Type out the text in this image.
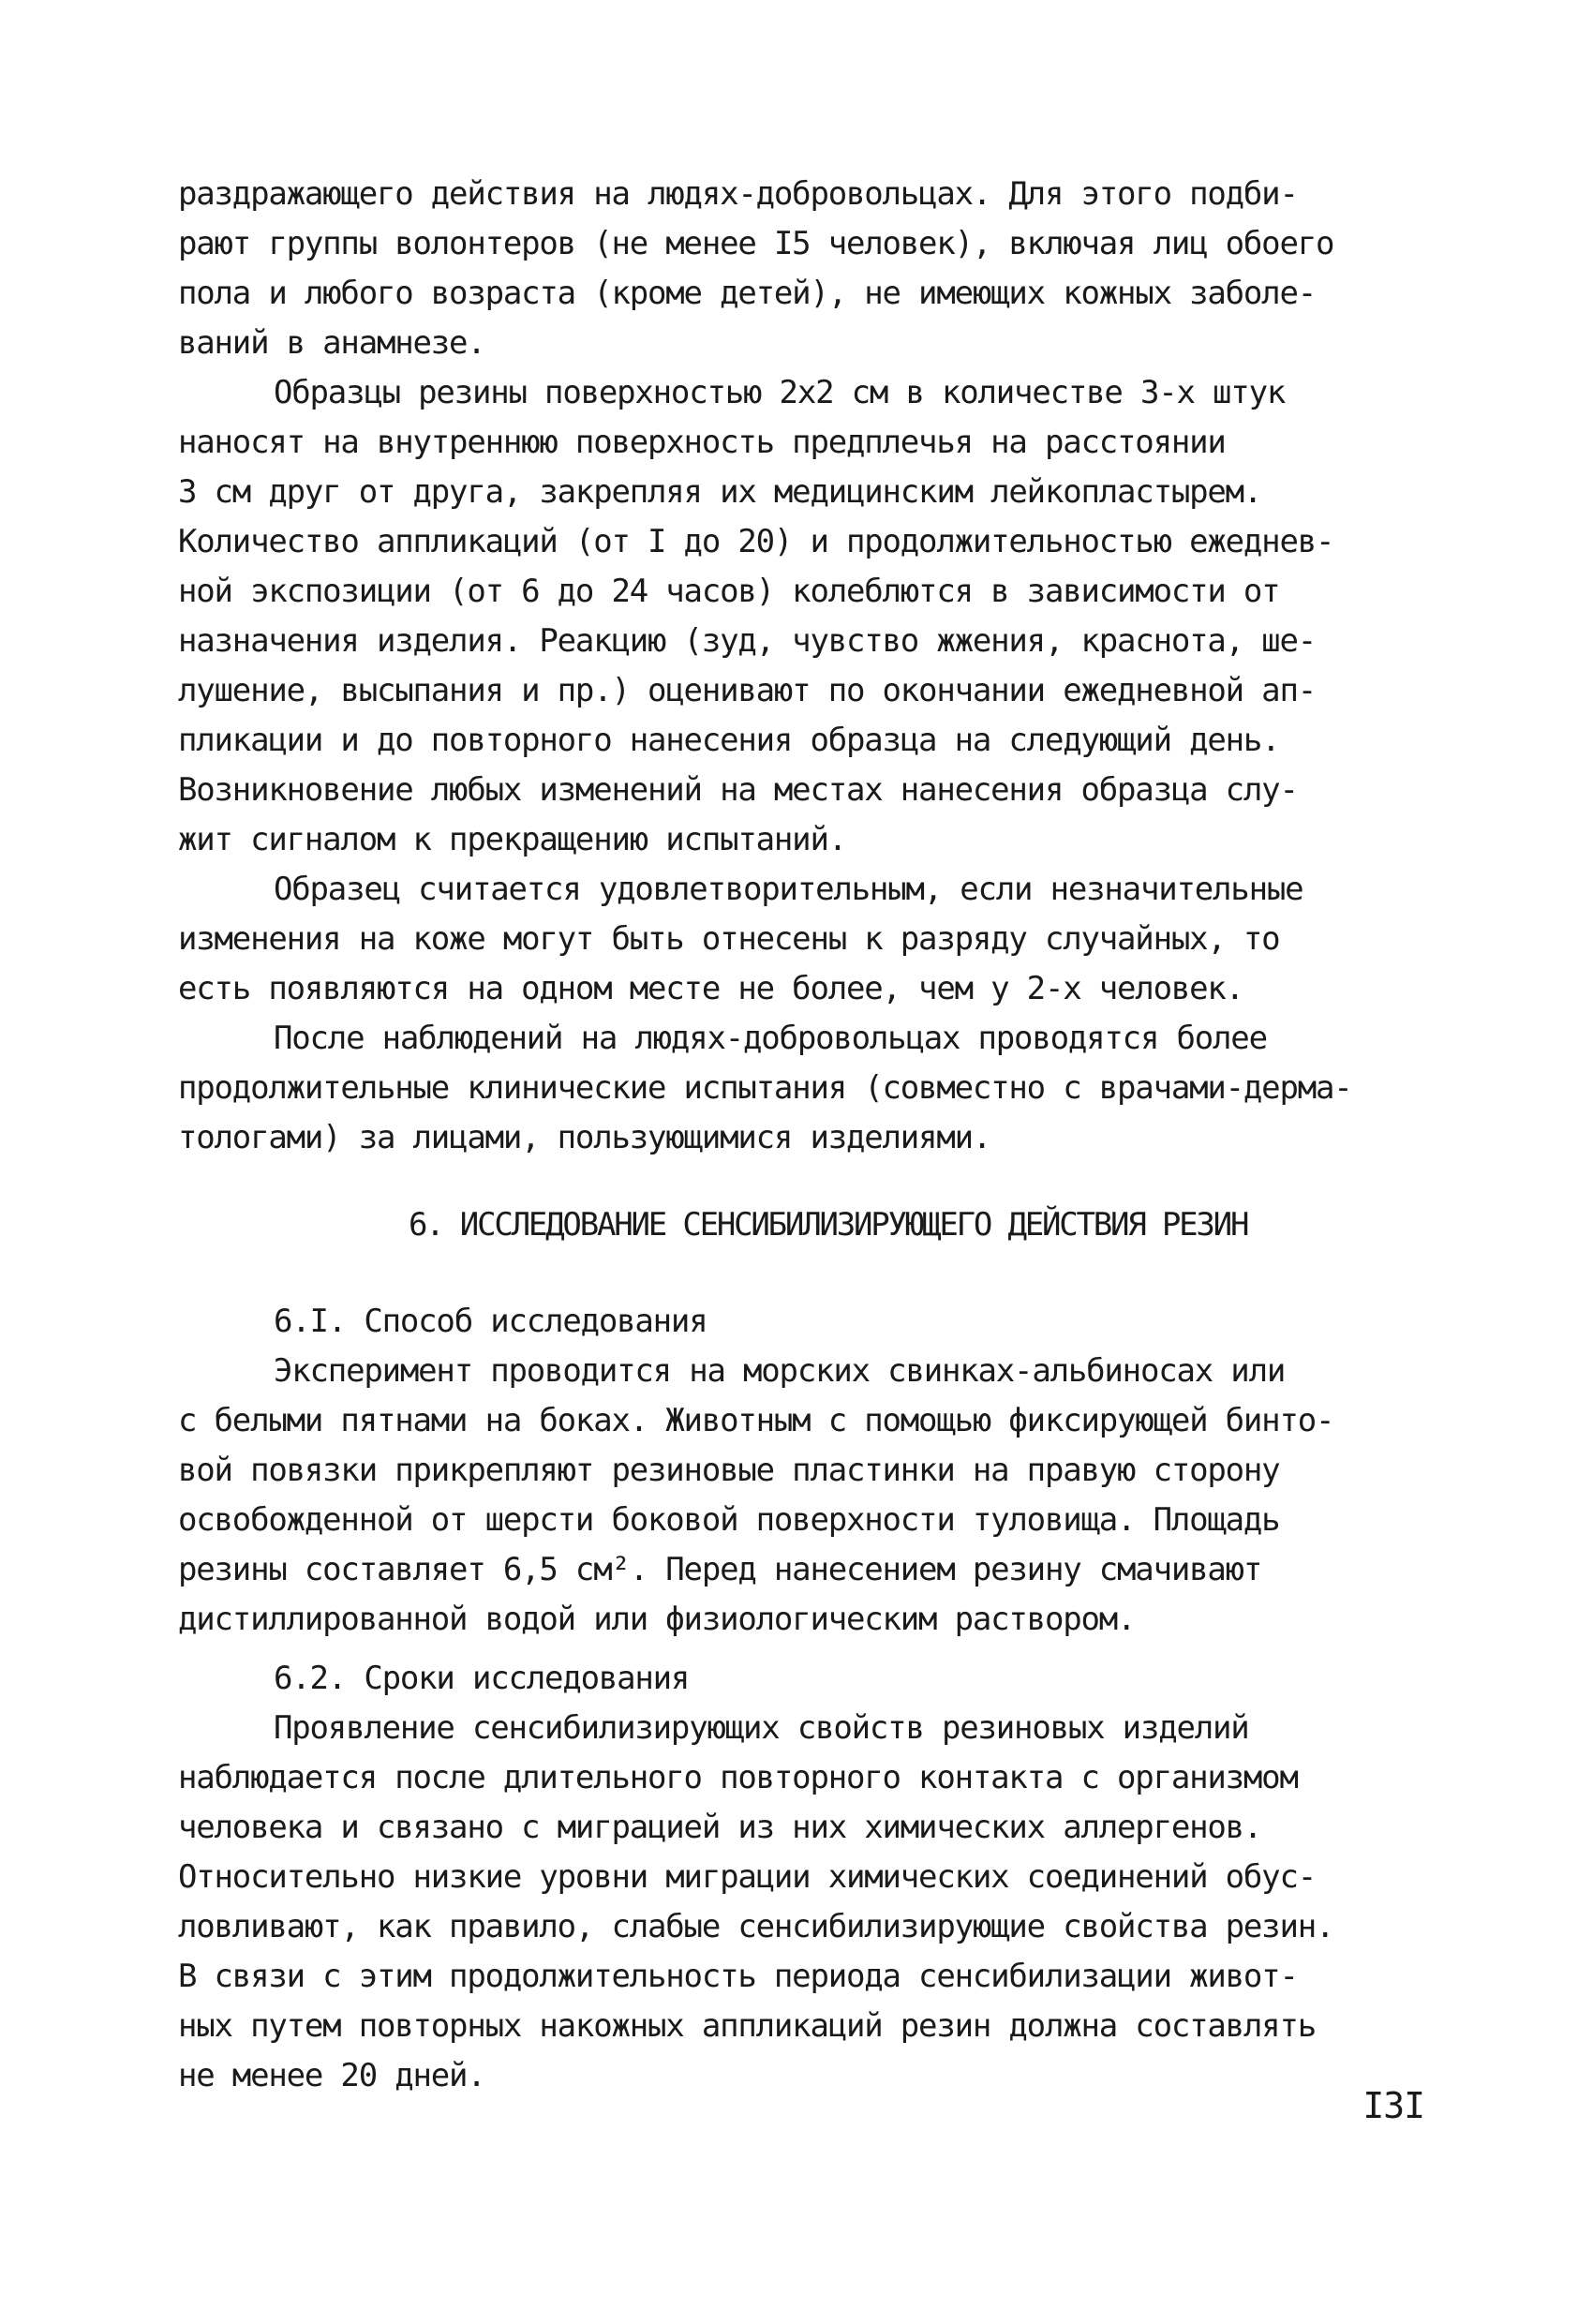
раздражающего действия на людях-добровольцах. Для этого подби-
рают группы волонтеров (не менее I5 человек), включая лиц обоего
пола и любого возраста (кроме детей), не имеющих кожных заболе-
ваний в анамнезе.
Образцы резины поверхностью 2х2 см в количестве 3-х штук
наносят на внутреннюю поверхность предплечья на расстоянии
3 см друг от друга, закрепляя их медицинским лейкопластырем.
Количество аппликаций (от I до 20) и продолжительностью ежеднев-
ной экспозиции (от 6 до 24 часов) колеблются в зависимости от
назначения изделия. Реакцию (зуд, чувство жжения, краснота, ше-
лушение, высыпания и пр.) оценивают по окончании ежедневной ап-
пликации и до повторного нанесения образца на следующий день.
Возникновение любых изменений на местах нанесения образца слу-
жит сигналом к прекращению испытаний.
Образец считается удовлетворительным, если незначительные
изменения на коже могут быть отнесены к разряду случайных, то
есть появляются на одном месте не более, чем у 2-х человек.
После наблюдений на людях-добровольцах проводятся более
продолжительные клинические испытания (совместно с врачами-дерма-
тологами) за лицами, пользующимися изделиями.
6. ИССЛЕДОВАНИЕ СЕНСИБИЛИЗИРУЮЩЕГО ДЕЙСТВИЯ РЕЗИН
6.I. Способ исследования
Эксперимент проводится на морских свинках-альбиносах или
с белыми пятнами на боках. Животным с помощью фиксирующей бинто-
вой повязки прикрепляют резиновые пластинки на правую сторону
освобожденной от шерсти боковой поверхности туловища. Площадь
резины составляет 6,5 см². Перед нанесением резину смачивают
дистиллированной водой или физиологическим раствором.
6.2. Сроки исследования
Проявление сенсибилизирующих свойств резиновых изделий
наблюдается после длительного повторного контакта с организмом
человека и связано с миграцией из них химических аллергенов.
Относительно низкие уровни миграции химических соединений обус-
ловливают, как правило, слабые сенсибилизирующие свойства резин.
В связи с этим продолжительность периода сенсибилизации живот-
ных путем повторных накожных аппликаций резин должна составлять
не менее 20 дней.
I3I
